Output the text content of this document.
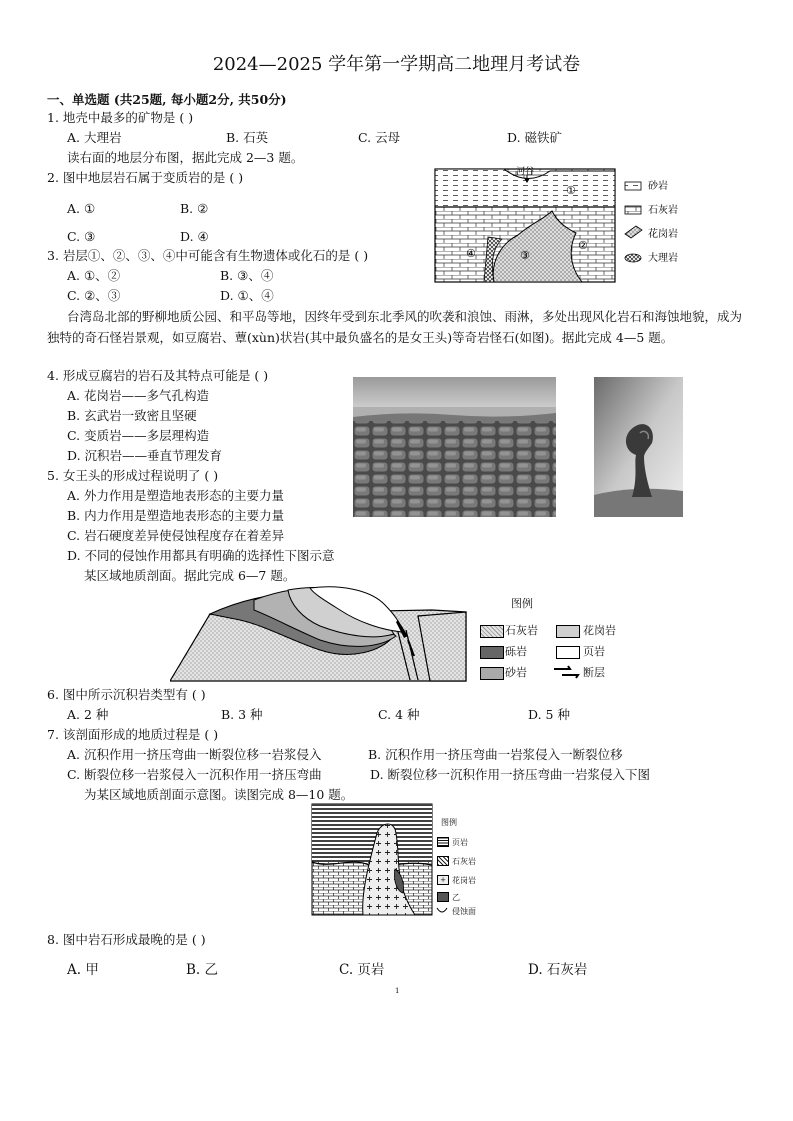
2024—2025 学年第一学期高二地理月考试卷
一、单选题 (共25题, 每小题2分, 共50分)
1. 地壳中最多的矿物是 ( )
A. 大理岩	B. 石英	C. 云母	D. 磁铁矿
读右面的地层分布图，据此完成 2—3 题。
2. 图中地层岩石属于变质岩的是 ( )
A. ①	B. ②
C. ③	D. ④
3. 岩层①、②、③、④中可能含有生物遗体或化石的是 ( )
A. ①、②	B. ③、④
C. ②、③	D. ①、④
河谷
①
②
③
④
砂岩
石灰岩
花岗岩
大理岩
台湾岛北部的野柳地质公园、和平岛等地，因终年受到东北季风的吹袭和浪蚀、雨淋，多处出现风化岩石和海蚀地貌，成为独特的奇石怪岩景观，如豆腐岩、蕈(xùn)状岩(其中最负盛名的是女王头)等奇岩怪石(如图)。据此完成 4—5 题。
4. 形成豆腐岩的岩石及其特点可能是 ( )
A. 花岗岩——多气孔构造
B. 玄武岩一致密且坚硬
C. 变质岩——多层理构造
D. 沉积岩——垂直节理发育
5. 女王头的形成过程说明了 ( )
A. 外力作用是塑造地表形态的主要力量
B. 内力作用是塑造地表形态的主要力量
C. 岩石硬度差异使侵蚀程度存在着差异
D. 不同的侵蚀作用都具有明确的选择性下图示意
某区域地质剖面。据此完成 6—7 题。
图例
石灰岩	花岗岩
砾岩	页岩
砂岩	断层
6. 图中所示沉积岩类型有 ( )
A. 2 种	B. 3 种	C. 4 种	D. 5 种
7. 该剖面形成的地质过程是 ( )
A. 沉积作用一挤压弯曲一断裂位移一岩浆侵入	B. 沉积作用一挤压弯曲一岩浆侵入一断裂位移
C. 断裂位移一岩浆侵入一沉积作用一挤压弯曲	D. 断裂位移一沉积作用一挤压弯曲一岩浆侵入下图
为某区域地质剖面示意图。读图完成 8—10 题。
图例
页岩
石灰岩
+ 花岗岩
乙
侵蚀面
8. 图中岩石形成最晚的是 ( )
A. 甲	B. 乙	C. 页岩	D. 石灰岩
1
